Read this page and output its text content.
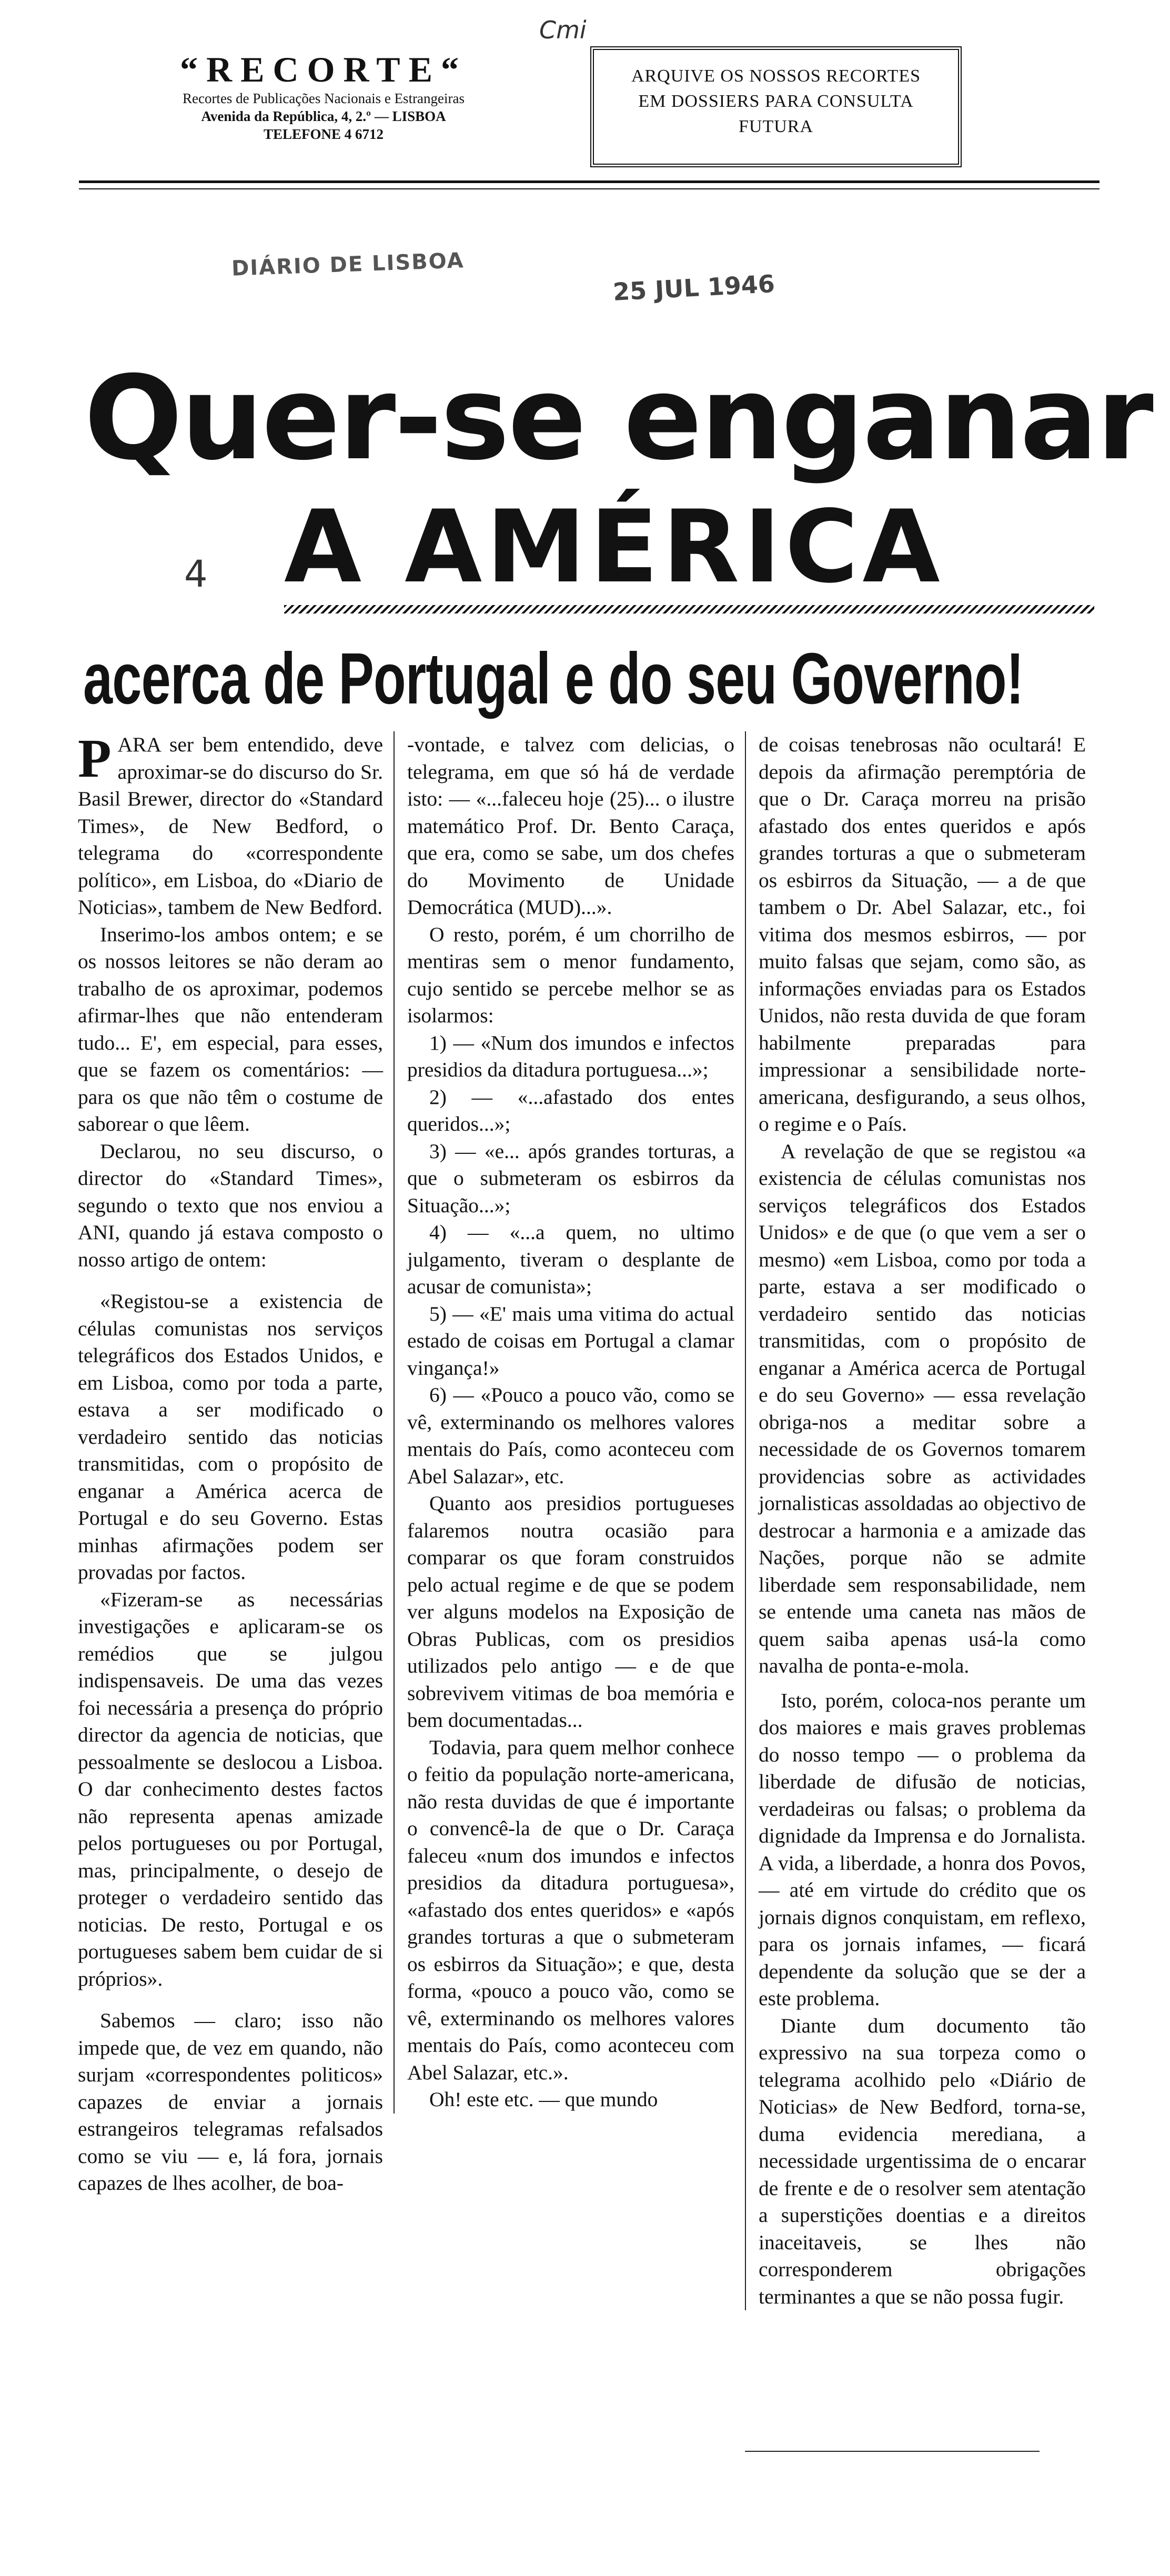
Cmi

“RECORTE“

Recortes de Publicações Nacionais e Estrangeiras

Avenida da República, 4, 2.º — LISBOA

TELEFONE 4 6712

ARQUIVE OS NOSSOS RECORTES

EM DOSSIERS PARA CONSULTA

FUTURA

DIÁRIO DE LISBOA
25 JUL 1946
Quer-se enganar
4 A AMÉRICA
acerca de Portugal e do seu Governo!

PARA ser bem entendido, deve aproximar-se do discurso do Sr. Basil Brewer, director do «Standard Times», de New Bedford, o telegrama do «correspondente político», em Lisboa, do «Diario de Noticias», tambem de New Bedford.

Inserimo-los ambos ontem; e se os nossos leitores se não deram ao trabalho de os aproximar, podemos afirmar-lhes que não entenderam tudo... E', em especial, para esses, que se fazem os comentários: — para os que não têm o costume de saborear o que lêem.

Declarou, no seu discurso, o director do «Standard Times», segundo o texto que nos enviou a ANI, quando já estava composto o nosso artigo de ontem:

«Registou-se a existencia de células comunistas nos serviços telegráficos dos Estados Unidos, e em Lisboa, como por toda a parte, estava a ser modificado o verdadeiro sentido das noticias transmitidas, com o propósito de enganar a América acerca de Portugal e do seu Governo. Estas minhas afirmações podem ser provadas por factos.

«Fizeram-se as necessárias investigações e aplicaram-se os remédios que se julgou indispensaveis. De uma das vezes foi necessária a presença do próprio director da agencia de noticias, que pessoalmente se deslocou a Lisboa. O dar conhecimento destes factos não representa apenas amizade pelos portugueses ou por Portugal, mas, principalmente, o desejo de proteger o verdadeiro sentido das noticias. De resto, Portugal e os portugueses sabem bem cuidar de si próprios».

Sabemos — claro; isso não impede que, de vez em quando, não surjam «correspondentes politicos» capazes de enviar a jornais estrangeiros telegramas refalsados como se viu — e, lá fora, jornais capazes de lhes acolher, de boa-

-vontade, e talvez com delicias, o telegrama, em que só há de verdade isto: — «...faleceu hoje (25)... o ilustre matemático Prof. Dr. Bento Caraça, que era, como se sabe, um dos chefes do Movimento de Unidade Democrática (MUD)...».

O resto, porém, é um chorrilho de mentiras sem o menor fundamento, cujo sentido se percebe melhor se as isolarmos:

1) — «Num dos imundos e infectos presidios da ditadura portuguesa...»;

2) — «...afastado dos entes queridos...»;

3) — «e... após grandes torturas, a que o submeteram os esbirros da Situação...»;

4) — «...a quem, no ultimo julgamento, tiveram o desplante de acusar de comunista»;

5) — «E' mais uma vitima do actual estado de coisas em Portugal a clamar vingança!»

6) — «Pouco a pouco vão, como se vê, exterminando os melhores valores mentais do País, como aconteceu com Abel Salazar», etc.

Quanto aos presidios portugueses falaremos noutra ocasião para comparar os que foram construidos pelo actual regime e de que se podem ver alguns modelos na Exposição de Obras Publicas, com os presidios utilizados pelo antigo — e de que sobrevivem vitimas de boa memória e bem documentadas...

Todavia, para quem melhor conhece o feitio da população norte-americana, não resta duvidas de que é importante o convencê-la de que o Dr. Caraça faleceu «num dos imundos e infectos presidios da ditadura portuguesa», «afastado dos entes queridos» e «após grandes torturas a que o submeteram os esbirros da Situação»; e que, desta forma, «pouco a pouco vão, como se vê, exterminando os melhores valores mentais do País, como aconteceu com Abel Salazar, etc.».

Oh! este etc. — que mundo

de coisas tenebrosas não ocultará! E depois da afirmação peremptória de que o Dr. Caraça morreu na prisão afastado dos entes queridos e após grandes torturas a que o submeteram os esbirros da Situação, — a de que tambem o Dr. Abel Salazar, etc., foi vitima dos mesmos esbirros, — por muito falsas que sejam, como são, as informações enviadas para os Estados Unidos, não resta duvida de que foram habilmente preparadas para impressionar a sensibilidade norte-americana, desfigurando, a seus olhos, o regime e o País.

A revelação de que se registou «a existencia de células comunistas nos serviços telegráficos dos Estados Unidos» e de que (o que vem a ser o mesmo) «em Lisboa, como por toda a parte, estava a ser modificado o verdadeiro sentido das noticias transmitidas, com o propósito de enganar a América acerca de Portugal e do seu Governo» — essa revelação obriga-nos a meditar sobre a necessidade de os Governos tomarem providencias sobre as actividades jornalisticas assoldadas ao objectivo de destrocar a harmonia e a amizade das Nações, porque não se admite liberdade sem responsabilidade, nem se entende uma caneta nas mãos de quem saiba apenas usá-la como navalha de ponta-e-mola.

Isto, porém, coloca-nos perante um dos maiores e mais graves problemas do nosso tempo — o problema da liberdade de difusão de noticias, verdadeiras ou falsas; o problema da dignidade da Imprensa e do Jornalista. A vida, a liberdade, a honra dos Povos, — até em virtude do crédito que os jornais dignos conquistam, em reflexo, para os jornais infames, — ficará dependente da solução que se der a este problema.

Diante dum documento tão expressivo na sua torpeza como o telegrama acolhido pelo «Diário de Noticias» de New Bedford, torna-se, duma evidencia merediana, a necessidade urgentissima de o encarar de frente e de o resolver sem atentação a superstições doentias e a direitos inaceitaveis, se lhes não corresponderem obrigações terminantes a que se não possa fugir.
